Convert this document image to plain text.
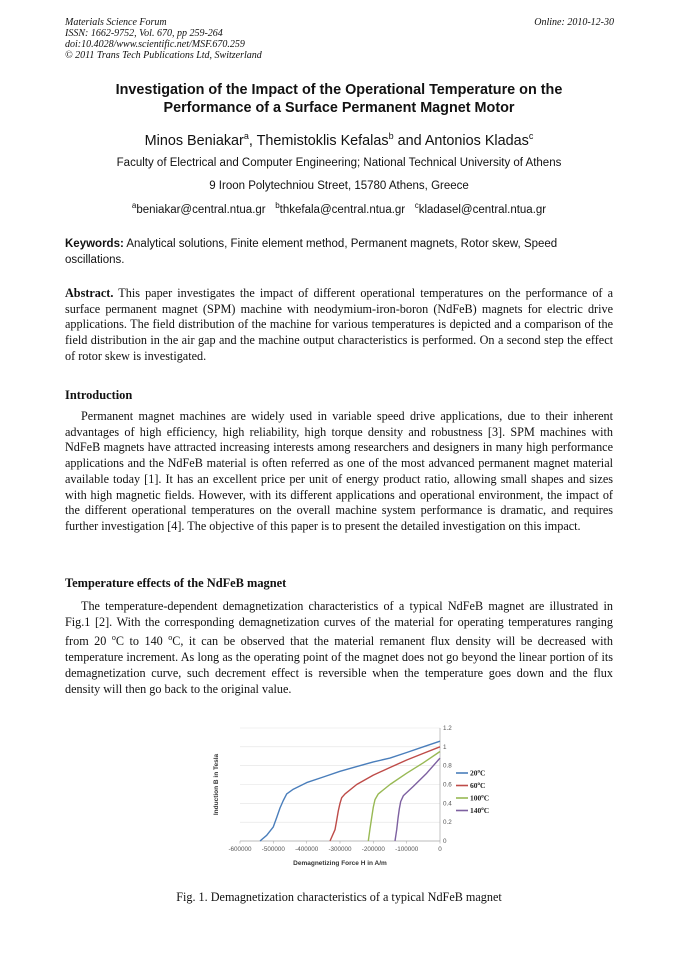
Materials Science Forum
ISSN: 1662-9752, Vol. 670, pp 259-264
doi:10.4028/www.scientific.net/MSF.670.259
© 2011 Trans Tech Publications Ltd, Switzerland
Online: 2010-12-30
Investigation of the Impact of the Operational Temperature on the
Performance of a Surface Permanent Magnet Motor
Minos Beniakar$^a$, Themistoklis Kefalas$^b$ and Antonios Kladas$^c$
Faculty of Electrical and Computer Engineering; National Technical University of Athens
9 Iroon Polytechniou Street, 15780 Athens, Greece
$^a$beniakar@central.ntua.gr $^b$thkefala@central.ntua.gr $^c$kladasel@central.ntua.gr
Keywords: Analytical solutions, Finite element method, Permanent magnets, Rotor skew, Speed oscillations.
Abstract. This paper investigates the impact of different operational temperatures on the performance of a surface permanent magnet (SPM) machine with neodymium-iron-boron (NdFeB) magnets for electric drive applications. The field distribution of the machine for various temperatures is depicted and a comparison of the field distribution in the air gap and the machine output characteristics is performed. On a second step the effect of rotor skew is investigated.
Introduction
Permanent magnet machines are widely used in variable speed drive applications, due to their inherent advantages of high efficiency, high reliability, high torque density and robustness [3]. SPM machines with NdFeB magnets have attracted increasing interests among researchers and designers in many high performance applications and the NdFeB material is often referred as one of the most advanced permanent magnet material available today [1]. It has an excellent price per unit of energy product ratio, allowing small shapes and sizes with high magnetic fields. However, with its different applications and operational environment, the impact of the different operational temperatures on the overall machine system performance is dramatic, and requires further investigation [4]. The objective of this paper is to present the detailed investigation on this impact.
Temperature effects of the NdFeB magnet
The temperature-dependent demagnetization characteristics of a typical NdFeB magnet are illustrated in Fig.1 [2]. With the corresponding demagnetization curves of the material for operating temperatures ranging from 20 $^o$C to 140 $^o$C, it can be observed that the material remanent flux density will be decreased with temperature increment. As long as the operating point of the magnet does not go beyond the linear portion of its demagnetization curve, such decrement effect is reversible when the temperature goes down and the flux density will then go back to the original value.
-600000 -500000 -400000 -300000 -200000 -100000	0
0
0.2
0.4
0.6
0.8
1
1.2
20$^o$C
60$^o$C
100$^o$C
140$^o$C
Demagnetizing Force H in A/m
Induction B in Tesla
Fig. 1. Demagnetization characteristics of a typical NdFeB magnet
